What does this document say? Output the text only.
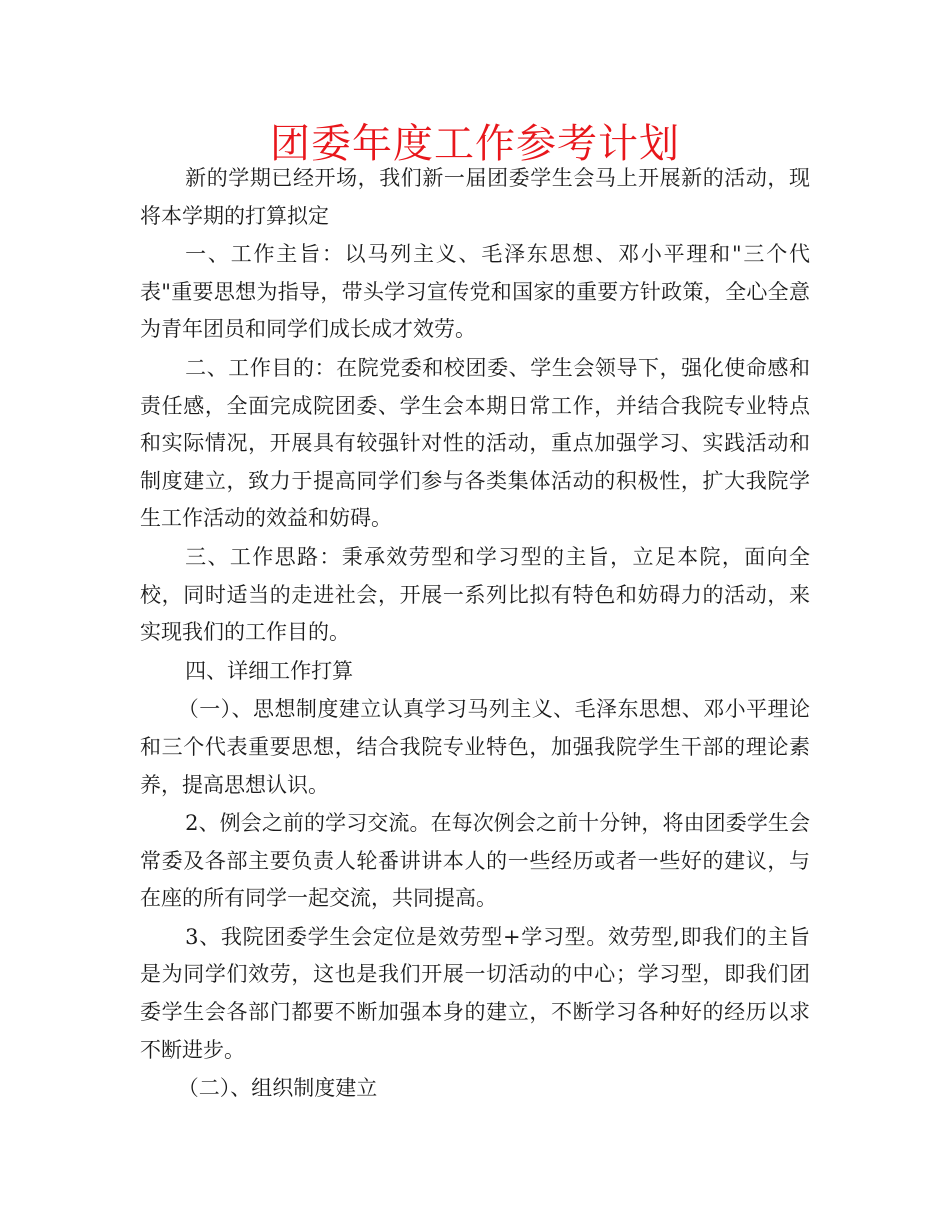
团委年度工作参考计划

新的学期已经开场，我们新一届团委学生会马上开展新的活动，现将本学期的打算拟定

一、工作主旨：以马列主义、毛泽东思想、邓小平理和"三个代表"重要思想为指导，带头学习宣传党和国家的重要方针政策，全心全意为青年团员和同学们成长成才效劳。

二、工作目的：在院党委和校团委、学生会领导下，强化使命感和责任感，全面完成院团委、学生会本期日常工作，并结合我院专业特点和实际情况，开展具有较强针对性的活动，重点加强学习、实践活动和制度建立，致力于提高同学们参与各类集体活动的积极性，扩大我院学生工作活动的效益和妨碍。

三、工作思路：秉承效劳型和学习型的主旨，立足本院，面向全校，同时适当的走进社会，开展一系列比拟有特色和妨碍力的活动，来实现我们的工作目的。

四、详细工作打算

（一）、思想制度建立认真学习马列主义、毛泽东思想、邓小平理论和三个代表重要思想，结合我院专业特色，加强我院学生干部的理论素养，提高思想认识。

2、例会之前的学习交流。在每次例会之前十分钟，将由团委学生会常委及各部主要负责人轮番讲讲本人的一些经历或者一些好的建议，与在座的所有同学一起交流，共同提高。

3、我院团委学生会定位是效劳型+学习型。效劳型,即我们的主旨是为同学们效劳，这也是我们开展一切活动的中心；学习型，即我们团委学生会各部门都要不断加强本身的建立，不断学习各种好的经历以求不断进步。

（二）、组织制度建立
